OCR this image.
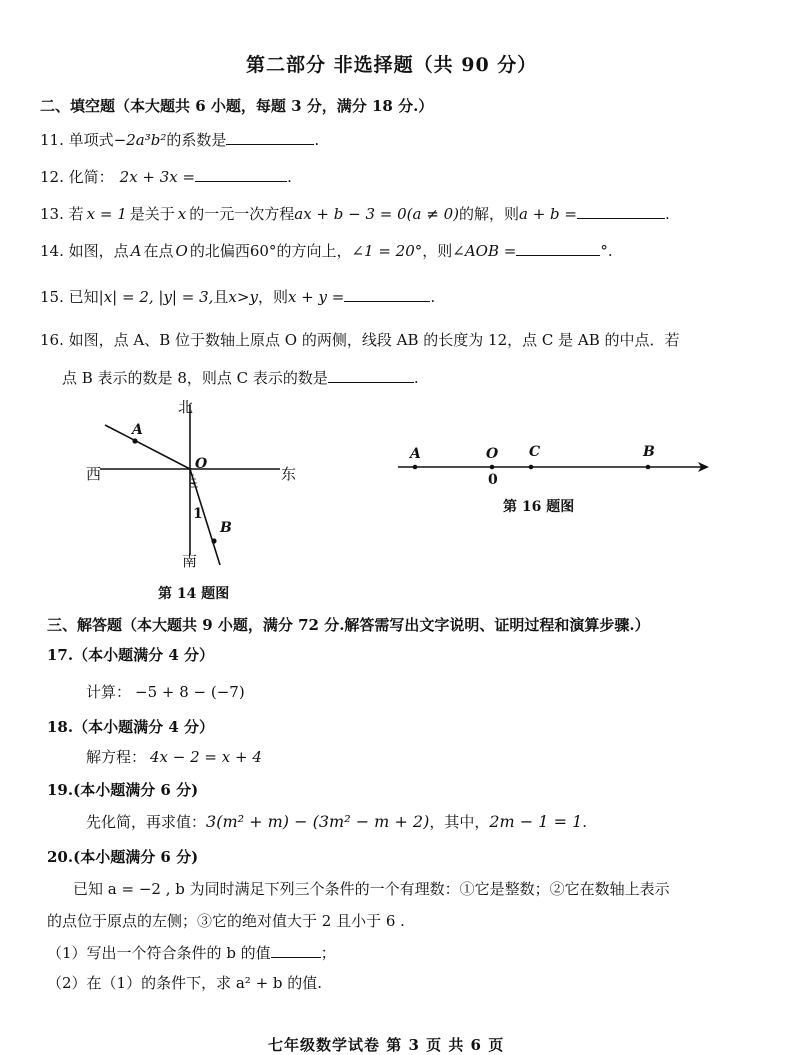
第二部分 非选择题（共 90 分）
二、填空题（本大题共 6 小题，每题 3 分，满分 18 分.）
11. 单项式−2a³b²的系数是	.
12. 化简： 2x + 3x =	.
13. 若 x = 1 是关于 x 的一元一次方程ax + b − 3 = 0(a ≠ 0)的解，则a + b =	.
14. 如图，点 A 在点 O 的北偏西60°的方向上，∠1 = 20°，则∠AOB =	°.
15. 已知|x| = 2, |y| = 3,且x>y，则x + y =	.
16. 如图，点 A、B 位于数轴上原点 O 的两侧，线段 AB 的长度为 12，点 C 是 AB 的中点．若
点 B 表示的数是 8，则点 C 表示的数是	.
北
南
西	东
A
O
B
1
第 14 题图
A	O C	B
0
第 16 题图
三、解答题（本大题共 9 小题，满分 72 分.解答需写出文字说明、证明过程和演算步骤.）
17.（本小题满分 4 分）
计算： −5 + 8 − (−7)
18.（本小题满分 4 分）
解方程： 4x − 2 = x + 4
19.(本小题满分 6 分)
先化简，再求值：3(m² + m) − (3m² − m + 2)，其中，2m − 1 = 1.
20.(本小题满分 6 分)
已知 a = −2 , b 为同时满足下列三个条件的一个有理数：①它是整数；②它在数轴上表示
的点位于原点的左侧；③它的绝对值大于 2 且小于 6 .
（1）写出一个符合条件的 b 的值	；
（2）在（1）的条件下，求 a² + b 的值.
七年级数学试卷 第 3 页 共 6 页
